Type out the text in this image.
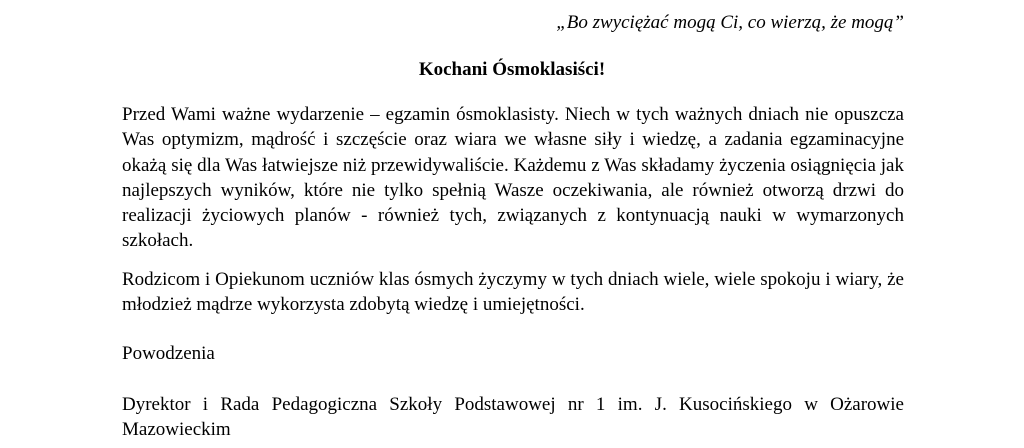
„Bo zwyciężać mogą Ci, co wierzą, że mogą”
Kochani Ósmoklasiści!

Przed Wami ważne wydarzenie – egzamin ósmoklasisty. Niech w tych ważnych dniach nie opuszcza Was optymizm, mądrość i szczęście oraz wiara we własne siły i wiedzę, a zadania egzaminacyjne okażą się dla Was łatwiejsze niż przewidywaliście. Każdemu z Was składamy życzenia osiągnięcia jak najlepszych wyników, które nie tylko spełnią Wasze oczekiwania, ale również otworzą drzwi do realizacji życiowych planów - również tych, związanych z kontynuacją nauki w wymarzonych szkołach.

Rodzicom i Opiekunom uczniów klas ósmych życzymy w tych dniach wiele, wiele spokoju i wiary, że młodzież mądrze wykorzysta zdobytą wiedzę i umiejętności.

Powodzenia

Dyrektor i Rada Pedagogiczna Szkoły Podstawowej nr 1 im. J. Kusocińskiego w Ożarowie Mazowieckim
